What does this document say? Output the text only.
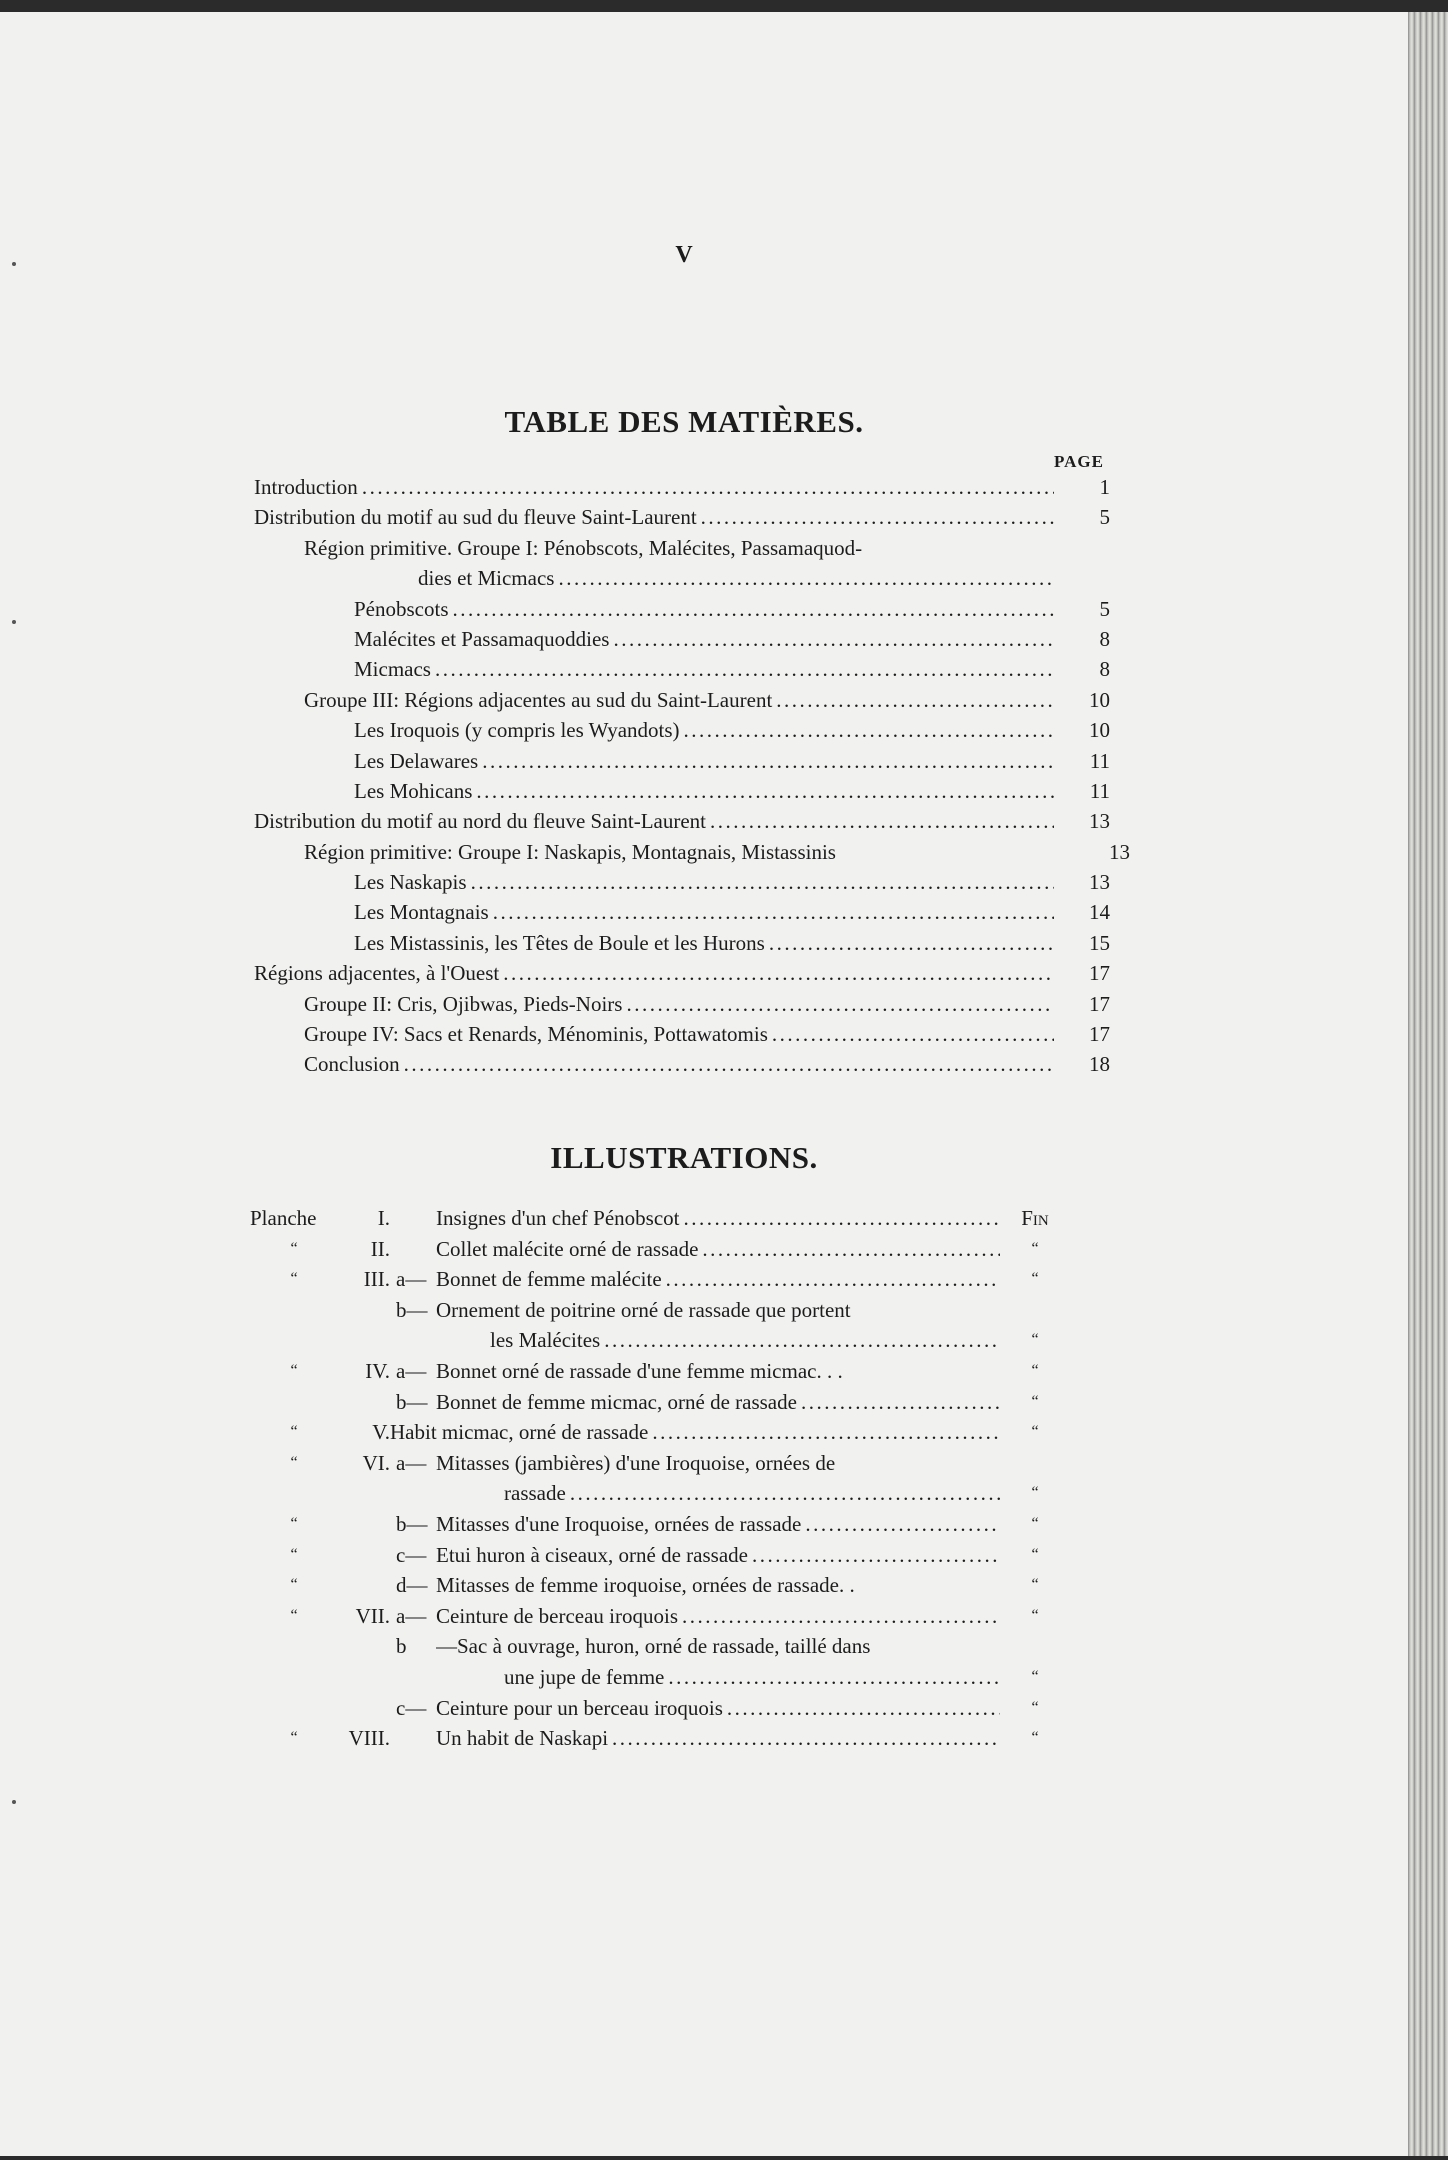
V
TABLE DES MATIÈRES.
PAGE
Introduction .....	1
Distribution du motif au sud du fleuve Saint-Laurent .....	5
Région primitive. Groupe I: Pénobscots, Malécites, Passamaquod-
dies et Micmacs
.....
Pénobscots .....	5
Malécites et Passamaquoddies .....	8
Micmacs .....	8
Groupe III: Régions adjacentes au sud du Saint-Laurent .....	10
Les Iroquois (y compris les Wyandots) .....	10
Les Delawares .....	11
Les Mohicans .....	11
Distribution du motif au nord du fleuve Saint-Laurent .....	13
Région primitive: Groupe I: Naskapis, Montagnais, Mistassinis	13
Les Naskapis .....	13
Les Montagnais .....	14
Les Mistassinis, les Têtes de Boule et les Hurons .....	15
Régions adjacentes, à l'Ouest .....	17
Groupe II: Cris, Ojibwas, Pieds-Noirs .....	17
Groupe IV: Sacs et Renards, Ménominis, Pottawatomis .....	17
Conclusion .....	18
ILLUSTRATIONS.
Planche	I. Insignes d'un chef Pénobscot .....	Fin
“	II. Collet malécite orné de rassade .....	“
“	III. a— Bonnet de femme malécite .....	“
b— Ornement de poitrine orné de rassade que portent
les Malécites .....	“
“	IV. a— Bonnet orné de rassade d'une femme micmac. . .	“
b— Bonnet de femme micmac, orné de rassade .....	“
“	V. Habit micmac, orné de rassade .....	“
“	VI. a— Mitasses (jambières) d'une Iroquoise, ornées de
rassade .....	“
“	b— Mitasses d'une Iroquoise, ornées de rassade .....	“
“	c— Etui huron à ciseaux, orné de rassade .....	“
“	d— Mitasses de femme iroquoise, ornées de rassade. .	“
“	VII. a— Ceinture de berceau iroquois .....	“
b	—Sac à ouvrage, huron, orné de rassade, taillé dans
une jupe de femme .....	“
c— Ceinture pour un berceau iroquois .....	“
“	VIII. Un habit de Naskapi .....	“
